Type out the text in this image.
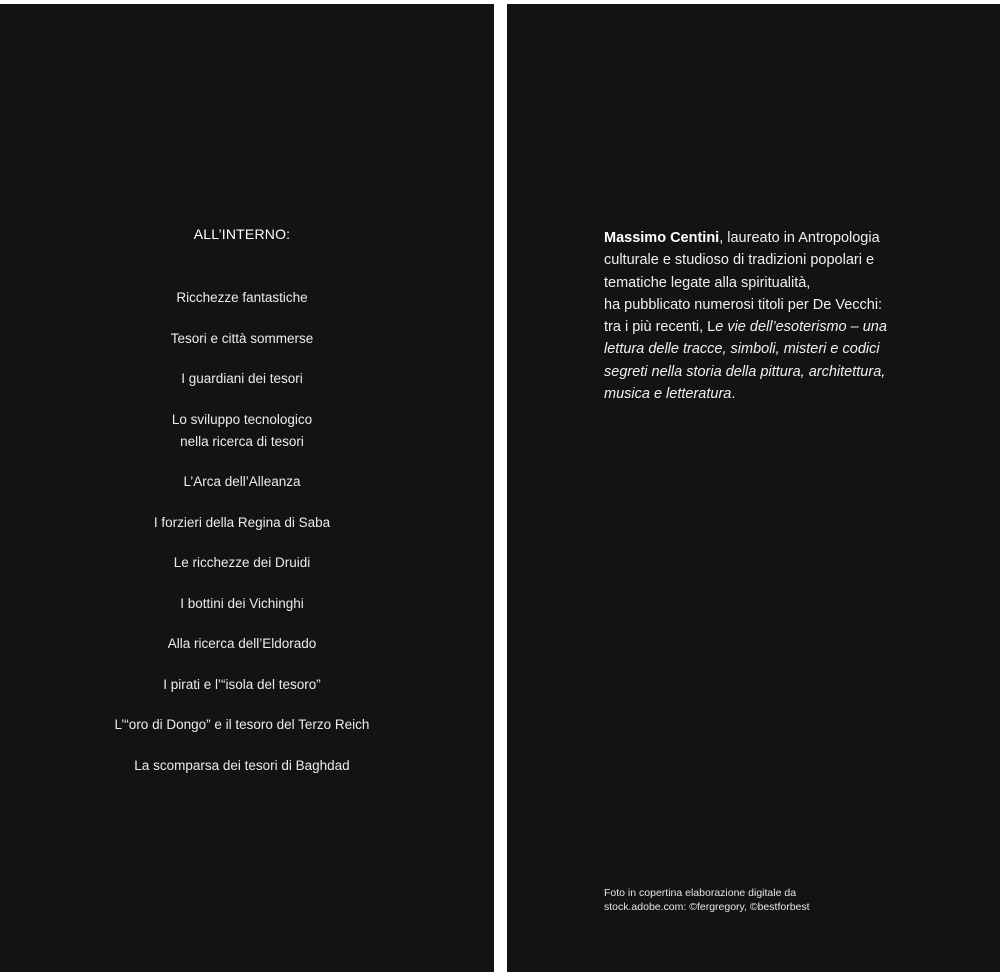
ALL’INTERNO:
Ricchezze fantastiche
Tesori e città sommerse
I guardiani dei tesori
Lo sviluppo tecnologico
nella ricerca di tesori
L’Arca dell’Alleanza
I forzieri della Regina di Saba
Le ricchezze dei Druidi
I bottini dei Vichinghi
Alla ricerca dell’Eldorado
I pirati e l’“isola del tesoro”
L’“oro di Dongo” e il tesoro del Terzo Reich
La scomparsa dei tesori di Baghdad

Massimo Centini, laureato in Antropologia
culturale e studioso di tradizioni popolari e
tematiche legate alla spiritualità,
ha pubblicato numerosi titoli per De Vecchi:
tra i più recenti, Le vie dell’esoterismo – una
lettura delle tracce, simboli, misteri e codici
segreti nella storia della pittura, architettura,
musica e letteratura.

Foto in copertina elaborazione digitale da
stock.adobe.com: ©fergregory, ©bestforbest
